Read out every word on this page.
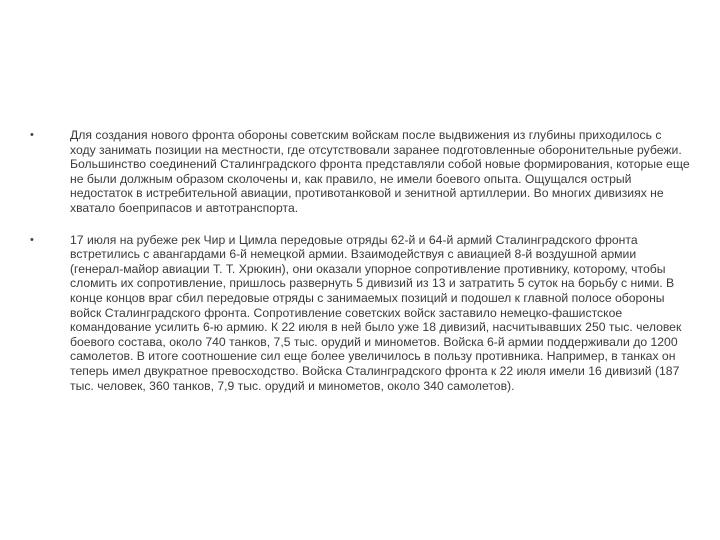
•	Для создания нового фронта обороны советским войскам после выдвижения из глубины приходилось с ходу занимать позиции на местности, где отсутствовали заранее подготовленные оборонительные рубежи. Большинство соединений Сталинградского фронта представляли собой новые формирования, которые еще не были должным образом сколочены и, как правило, не имели боевого опыта. Ощущался острый недостаток в истребительной авиации, противотанковой и зенитной артиллерии. Во многих дивизиях не хватало боеприпасов и автотранспорта.
•	17 июля на рубеже рек Чир и Цимла передовые отряды 62-й и 64-й армий Сталинградского фронта встретились с авангардами 6-й немецкой армии. Взаимодействуя с авиацией 8-й воздушной армии (генерал-майор авиации Т. Т. Хрюкин), они оказали упорное сопротивление противнику, которому, чтобы сломить их сопротивление, пришлось развернуть 5 дивизий из 13 и затратить 5 суток на борьбу с ними. В конце концов враг сбил передовые отряды с занимаемых позиций и подошел к главной полосе обороны войск Сталинградского фронта. Сопротивление советских войск заставило немецко-фашистское командование усилить 6-ю армию. К 22 июля в ней было уже 18 дивизий, насчитывавших 250 тыс. человек боевого состава, около 740 танков, 7,5 тыс. орудий и минометов. Войска 6-й армии поддерживали до 1200 самолетов. В итоге соотношение сил еще более увеличилось в пользу противника. Например, в танках он теперь имел двукратное превосходство. Войска Сталинградского фронта к 22 июля имели 16 дивизий (187 тыс. человек, 360 танков, 7,9 тыс. орудий и минометов, около 340 самолетов).
